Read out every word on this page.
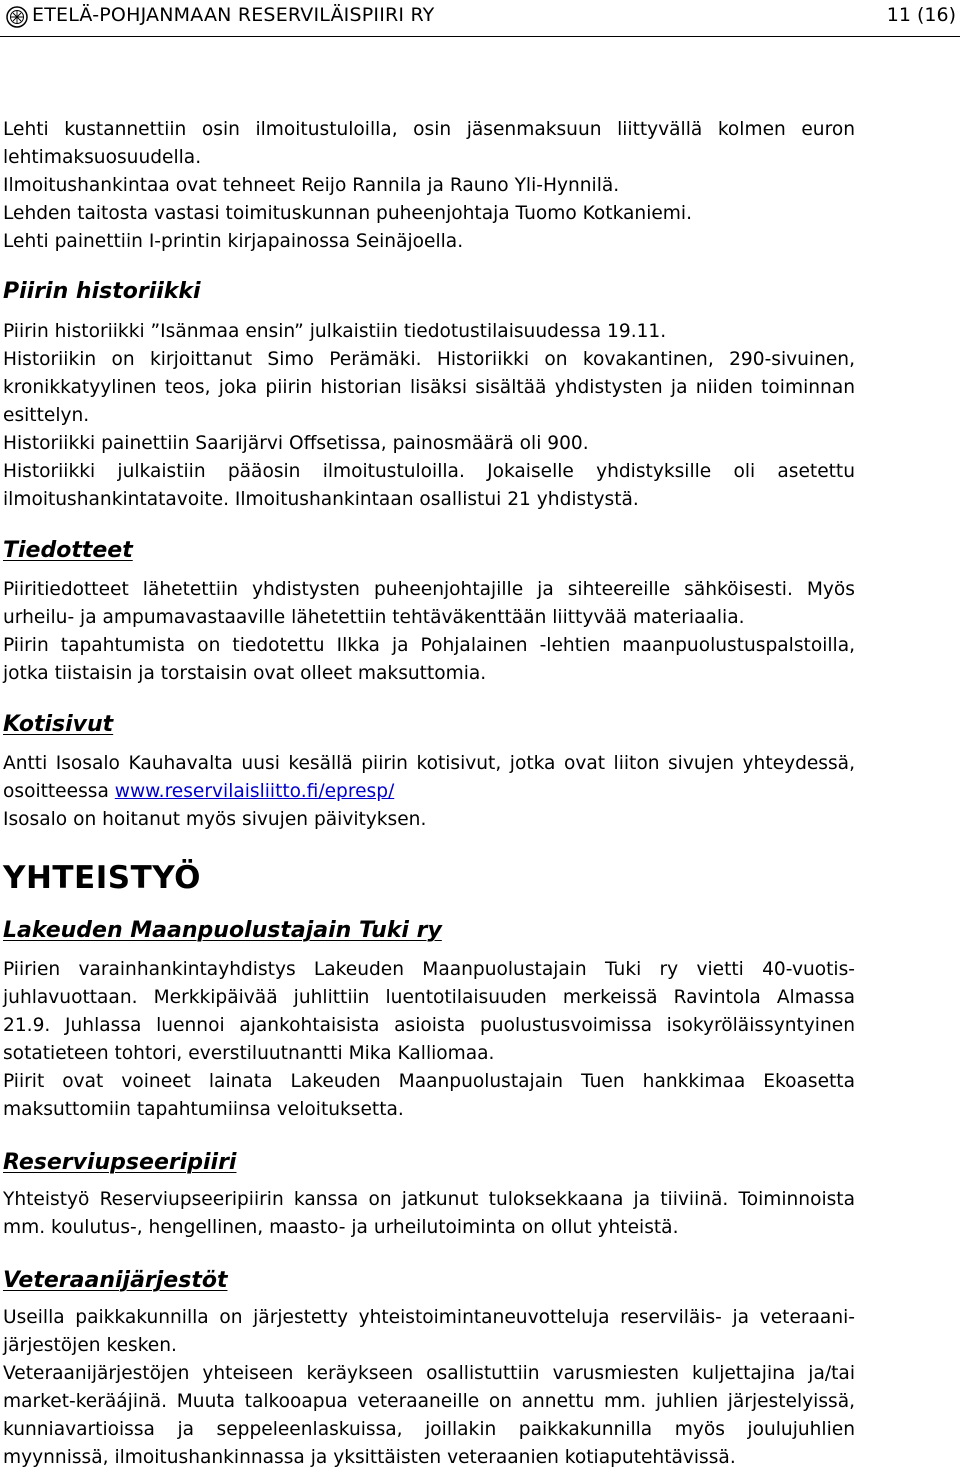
ETELÄ-POHJANMAAN RESERVILÄISPIIRI RY	11 (16)

Lehti kustannettiin osin ilmoitustuloilla, osin jäsenmaksuun liittyvällä kolmen euron

lehtimaksuosuudella.

Ilmoitushankintaa ovat tehneet Reijo Rannila ja Rauno Yli-Hynnilä.

Lehden taitosta vastasi toimituskunnan puheenjohtaja Tuomo Kotkaniemi.

Lehti painettiin I-printin kirjapainossa Seinäjoella.

Piirin historiikki

Piirin historiikki ”Isänmaa ensin” julkaistiin tiedotustilaisuudessa 19.11.

Historiikin on kirjoittanut Simo Perämäki. Historiikki on kovakantinen, 290-sivuinen,

kronikkatyylinen teos, joka piirin historian lisäksi sisältää yhdistysten ja niiden toiminnan

esittelyn.

Historiikki painettiin Saarijärvi Offsetissa, painosmäärä oli 900.

Historiikki julkaistiin pääosin ilmoitustuloilla. Jokaiselle yhdistyksille oli asetettu

ilmoitushankintatavoite. Ilmoitushankintaan osallistui 21 yhdistystä.

Tiedotteet

Piiritiedotteet lähetettiin yhdistysten puheenjohtajille ja sihteereille sähköisesti. Myös

urheilu- ja ampumavastaaville lähetettiin tehtäväkenttään liittyvää materiaalia.

Piirin tapahtumista on tiedotettu Ilkka ja Pohjalainen -lehtien maanpuolustuspalstoilla,

jotka tiistaisin ja torstaisin ovat olleet maksuttomia.

Kotisivut

Antti Isosalo Kauhavalta uusi kesällä piirin kotisivut, jotka ovat liiton sivujen yhteydessä,

osoitteessa www.reservilaisliitto.fi/epresp/

Isosalo on hoitanut myös sivujen päivityksen.

YHTEISTYÖ
Lakeuden Maanpuolustajain Tuki ry

Piirien varainhankintayhdistys Lakeuden Maanpuolustajain Tuki ry vietti 40-vuotis-

juhlavuottaan. Merkkipäivää juhlittiin luentotilaisuuden merkeissä Ravintola Almassa

21.9. Juhlassa luennoi ajankohtaisista asioista puolustusvoimissa isokyröläissyntyinen

sotatieteen tohtori, everstiluutnantti Mika Kalliomaa.

Piirit ovat voineet lainata Lakeuden Maanpuolustajain Tuen hankkimaa Ekoasetta

maksuttomiin tapahtumiinsa veloituksetta.

Reserviupseeripiiri

Yhteistyö Reserviupseeripiirin kanssa on jatkunut tuloksekkaana ja tiiviinä. Toiminnoista

mm. koulutus-, hengellinen, maasto- ja urheilutoiminta on ollut yhteistä.

Veteraanijärjestöt

Useilla paikkakunnilla on järjestetty yhteistoimintaneuvotteluja reserviläis- ja veteraani-

järjestöjen kesken.

Veteraanijärjestöjen yhteiseen keräykseen osallistuttiin varusmiesten kuljettajina ja/tai

market-keräájinä. Muuta talkooapua veteraaneille on annettu mm. juhlien järjestelyissä,

kunniavartioissa ja seppeleenlaskuissa, joillakin paikkakunnilla myös joulujuhlien

myynnissä, ilmoitushankinnassa ja yksittäisten veteraanien kotiaputehtävissä.
